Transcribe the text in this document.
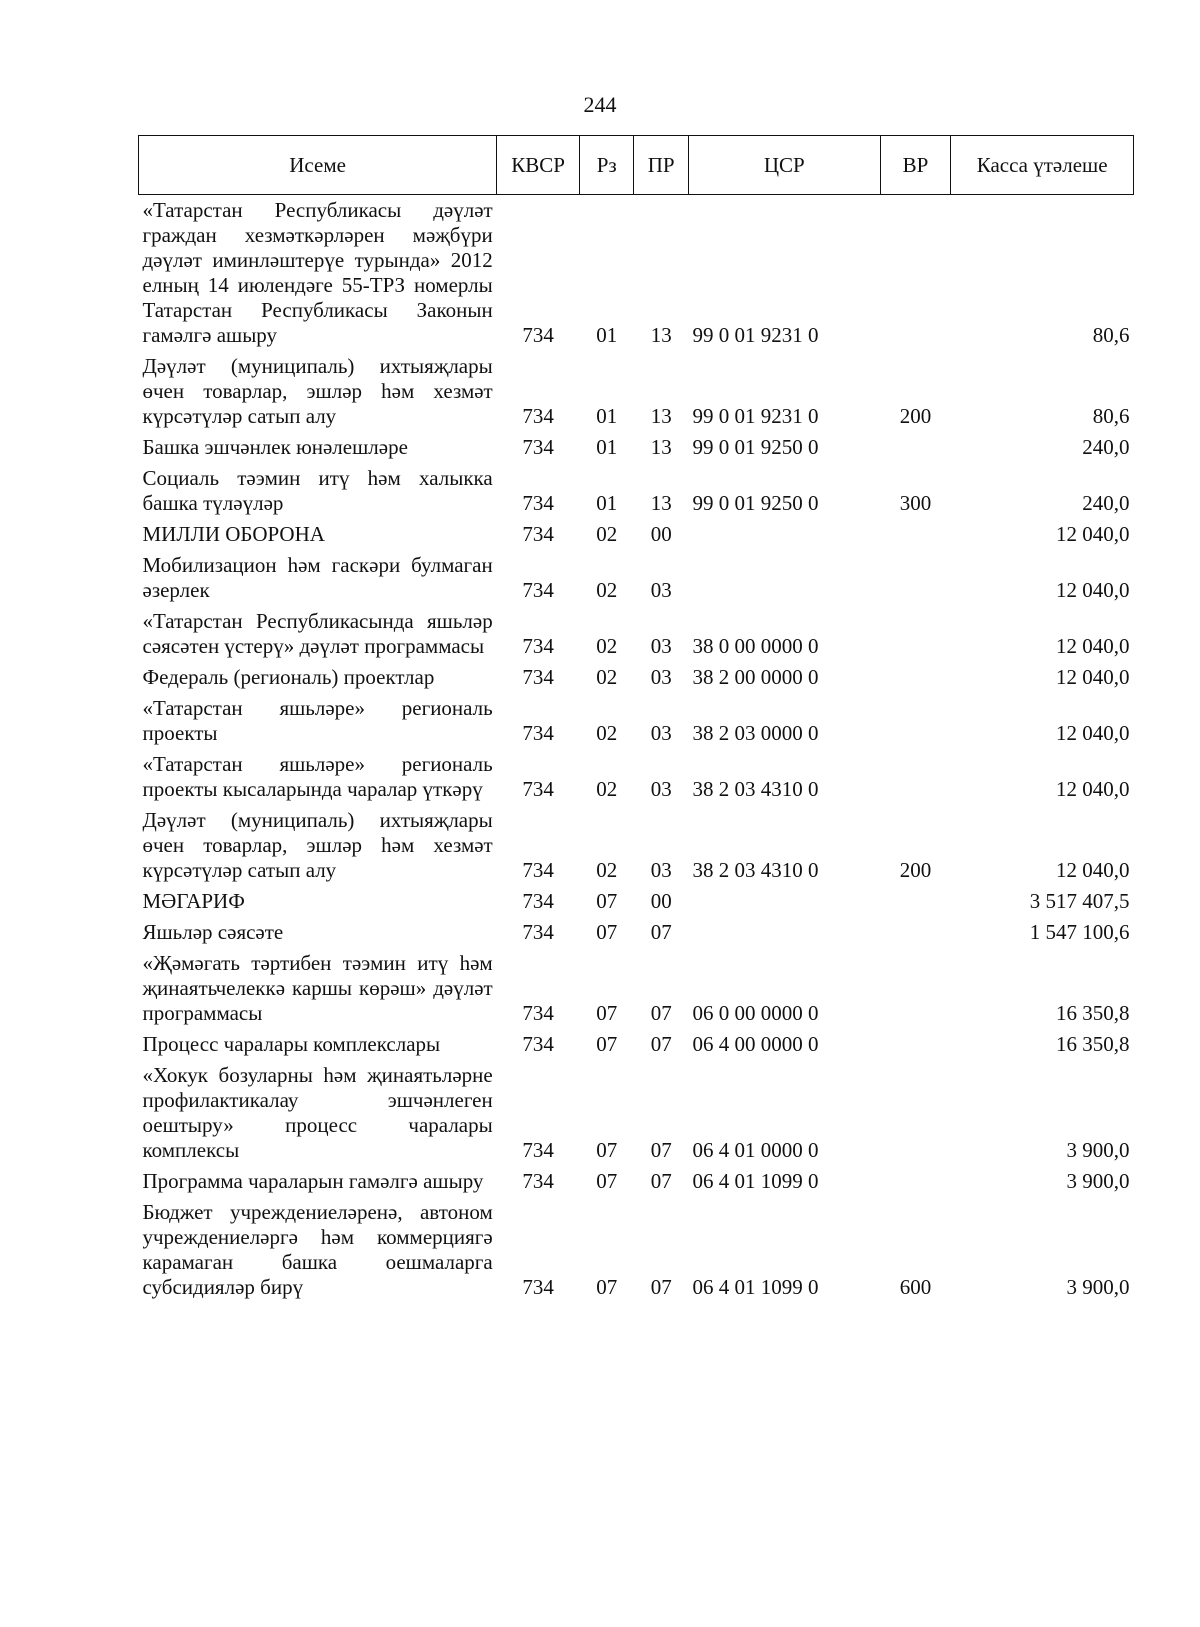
244
Исеме	КВСР	Рз	ПР	ЦСР	ВР	Касса үтәлеше
«Татарстан Республикасы дәүләт граждан хезмәткәрләрен мәҗбүри дәүләт иминләштерүе турында» 2012 елның 14 июлендәге 55-ТРЗ номерлы Татарстан Республикасы Законын гамәлгә ашыру	734	01	13	99 0 01 9231 0		80,6
Дәүләт (муниципаль) ихтыяҗлары өчен товарлар, эшләр һәм хезмәт күрсәтүләр сатып алу	734	01	13	99 0 01 9231 0	200	80,6
Башка эшчәнлек юнәлешләре	734	01	13	99 0 01 9250 0		240,0
Социаль тәэмин итү һәм халыкка башка түләүләр	734	01	13	99 0 01 9250 0	300	240,0
МИЛЛИ ОБОРОНА	734	02	00			12 040,0
Мобилизацион һәм гаскәри булмаган әзерлек	734	02	03			12 040,0
«Татарстан Республикасында яшьләр сәясәтен үстерү» дәүләт программасы	734	02	03	38 0 00 0000 0		12 040,0
Федераль (региональ) проектлар	734	02	03	38 2 00 0000 0		12 040,0
«Татарстан яшьләре» региональ проекты	734	02	03	38 2 03 0000 0		12 040,0
«Татарстан яшьләре» региональ проекты кысаларында чаралар үткәрү	734	02	03	38 2 03 4310 0		12 040,0
Дәүләт (муниципаль) ихтыяҗлары өчен товарлар, эшләр һәм хезмәт күрсәтүләр сатып алу	734	02	03	38 2 03 4310 0	200	12 040,0
МӘГАРИФ	734	07	00			3 517 407,5
Яшьләр сәясәте	734	07	07			1 547 100,6
«Җәмәгать тәртибен тәэмин итү һәм җинаятьчелеккә каршы көрәш» дәүләт программасы	734	07	07	06 0 00 0000 0		16 350,8
Процесс чаралары комплекслары	734	07	07	06 4 00 0000 0		16 350,8
«Хокук бозуларны һәм җинаятьләрне профилактикалау эшчәнлеген оештыру» процесс чаралары комплексы	734	07	07	06 4 01 0000 0		3 900,0
Программа чараларын гамәлгә ашыру	734	07	07	06 4 01 1099 0		3 900,0
Бюджет учреждениеләренә, автоном учреждениеләргә һәм коммерциягә карамаган башка оешмаларга субсидияләр бирү	734	07	07	06 4 01 1099 0	600	3 900,0
